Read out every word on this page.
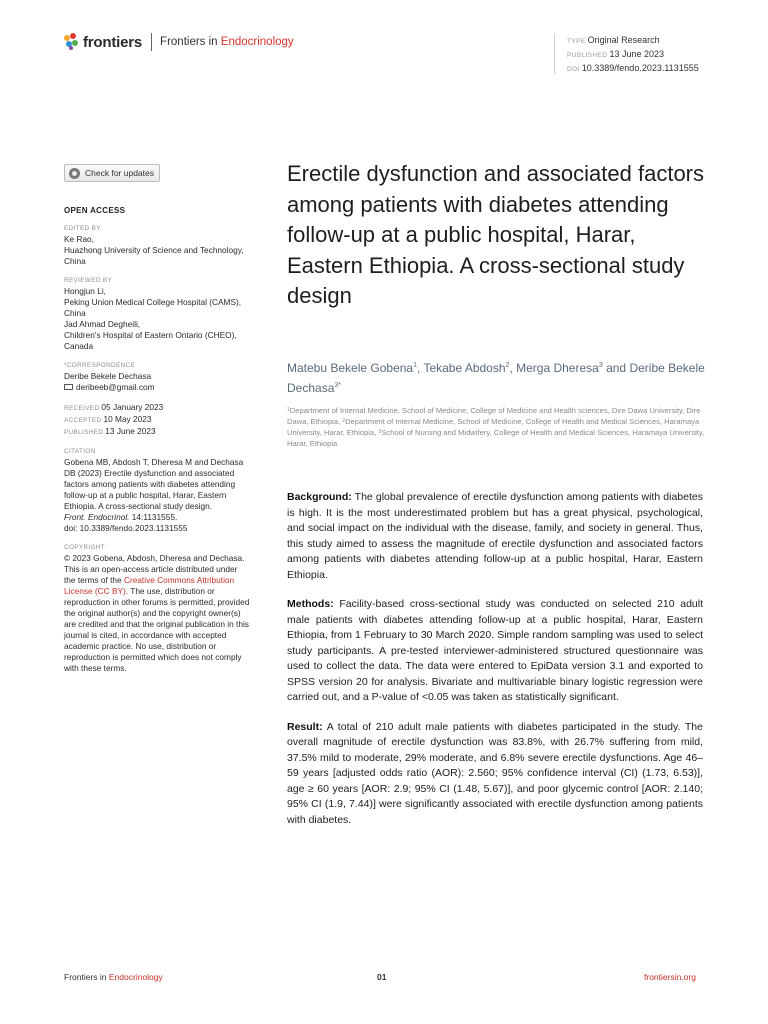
frontiers Frontiers in Endocrinology	TYPE Original Research
PUBLISHED 13 June 2023
DOI 10.3389/fendo.2023.1131555
Check for updates
OPEN ACCESS
EDITED BY
Ke Rao,
Huazhong University of Science and Technology, China
REVIEWED BY
Hongjun Li,
Peking Union Medical College Hospital (CAMS), China
Jad Ahmad Degheili,
Children's Hospital of Eastern Ontario (CHEO), Canada
*CORRESPONDENCE
Deribe Bekele Dechasa
deribeeb@gmail.com
RECEIVED 05 January 2023
ACCEPTED 10 May 2023
PUBLISHED 13 June 2023
CITATION
Gobena MB, Abdosh T, Dheresa M and Dechasa DB (2023) Erectile dysfunction and associated factors among patients with diabetes attending follow-up at a public hospital, Harar, Eastern Ethiopia. A cross-sectional study design.
Front. Endocrinol. 14:1131555.
doi: 10.3389/fendo.2023.1131555
COPYRIGHT
© 2023 Gobena, Abdosh, Dheresa and Dechasa. This is an open-access article distributed under the terms of the Creative Commons Attribution License (CC BY). The use, distribution or reproduction in other forums is permitted, provided the original author(s) and the copyright owner(s) are credited and that the original publication in this journal is cited, in accordance with accepted academic practice. No use, distribution or reproduction is permitted which does not comply with these terms.
Erectile dysfunction and associated factors among patients with diabetes attending follow-up at a public hospital, Harar, Eastern Ethiopia. A cross-sectional study design
Matebu Bekele Gobena$^1$, Tekabe Abdosh$^2$, Merga Dheresa$^3$ and Deribe Bekele Dechasa$^{3*}$
$^1$Department of Internal Medicine, School of Medicine, College of Medicine and Health sciences, Dire Dawa University, Dire Dawa, Ethiopia, $^2$Department of Internal Medicine, School of Medicine, College of Health and Medical Sciences, Haramaya University, Harar, Ethiopia, $^3$School of Nursing and Midwifery, College of Health and Medical Sciences, Haramaya University, Harar, Ethiopia

Background: The global prevalence of erectile dysfunction among patients with diabetes is high. It is the most underestimated problem but has a great physical, psychological, and social impact on the individual with the disease, family, and society in general. Thus, this study aimed to assess the magnitude of erectile dysfunction and associated factors among patients with diabetes attending follow-up at a public hospital, Harar, Eastern Ethiopia.

Methods: Facility-based cross-sectional study was conducted on selected 210 adult male patients with diabetes attending follow-up at a public hospital, Harar, Eastern Ethiopia, from 1 February to 30 March 2020. Simple random sampling was used to select study participants. A pre-tested interviewer-administered structured questionnaire was used to collect the data. The data were entered to EpiData version 3.1 and exported to SPSS version 20 for analysis. Bivariate and multivariable binary logistic regression were carried out, and a P-value of <0.05 was taken as statistically significant.

Result: A total of 210 adult male patients with diabetes participated in the study. The overall magnitude of erectile dysfunction was 83.8%, with 26.7% suffering from mild, 37.5% mild to moderate, 29% moderate, and 6.8% severe erectile dysfunctions. Age 46–59 years [adjusted odds ratio (AOR): 2.560; 95% confidence interval (CI) (1.73, 6.53)], age ≥ 60 years [AOR: 2.9; 95% CI (1.48, 5.67)], and poor glycemic control [AOR: 2.140; 95% CI (1.9, 7.44)] were significantly associated with erectile dysfunction among patients with diabetes.

Frontiers in Endocrinology	01	frontiersin.org
